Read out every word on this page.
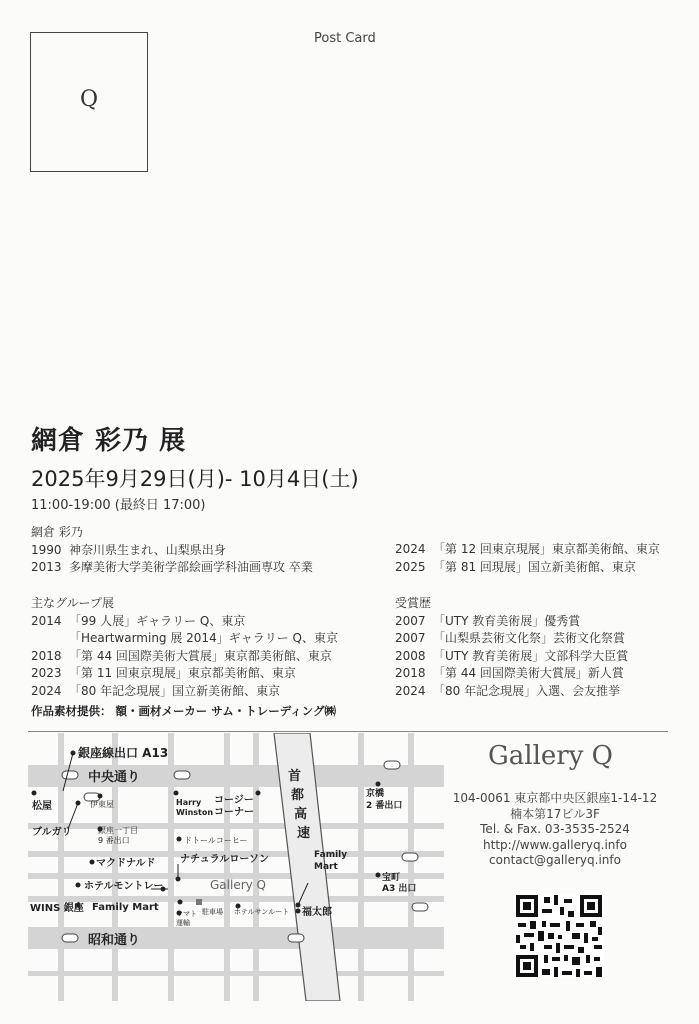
Q
Post Card
網倉 彩乃 展
2025年9月29日(月)- 10月4日(土)
11:00-19:00 (最終日 17:00)
網倉 彩乃
1990 神奈川県生まれ、山梨県出身
2013 多摩美術大学美術学部絵画学科油画専攻 卒業
主なグループ展
2014 「99 人展」ギャラリー Q、東京
「Heartwarming 展 2014」ギャラリー Q、東京
2018 「第 44 回国際美術大賞展」東京都美術館、東京
2023 「第 11 回東京現展」東京都美術館、東京
2024 「80 年記念現展」国立新美術館、東京
2024 「第 12 回東京現展」東京都美術館、東京
2025 「第 81 回現展」国立新美術館、東京
受賞歴
2007 「UTY 教育美術展」優秀賞
2007 「山梨県芸術文化祭」芸術文化祭賞
2008 「UTY 教育美術展」文部科学大臣賞
2018 「第 44 回国際美術大賞展」新人賞
2024 「80 年記念現展」入選、会友推挙
作品素材提供： 額・画材メーカー サム・トレーディング㈱
銀座線出口 A13
中央通り
松屋	伊東屋
ブルガリ	銀座一丁目
9 番出口
Harry
Winston
コージー
コーナー
ドトールコーヒー
首
都
高
速
京橋
2 番出口
マクドナルド ナチュラルローソン	Family
Mart
宝町
A3 出口
ホテルモントレー	Gallery Q
WINS 銀座 Family Mart
ヤマト
運輸
駐車場 ホテルサンルート 福太郎
昭和通り
Gallery Q
104-0061 東京都中央区銀座1-14-12
楠本第17ビル3F
Tel. & Fax. 03-3535-2524
http://www.galleryq.info
contact@galleryq.info
